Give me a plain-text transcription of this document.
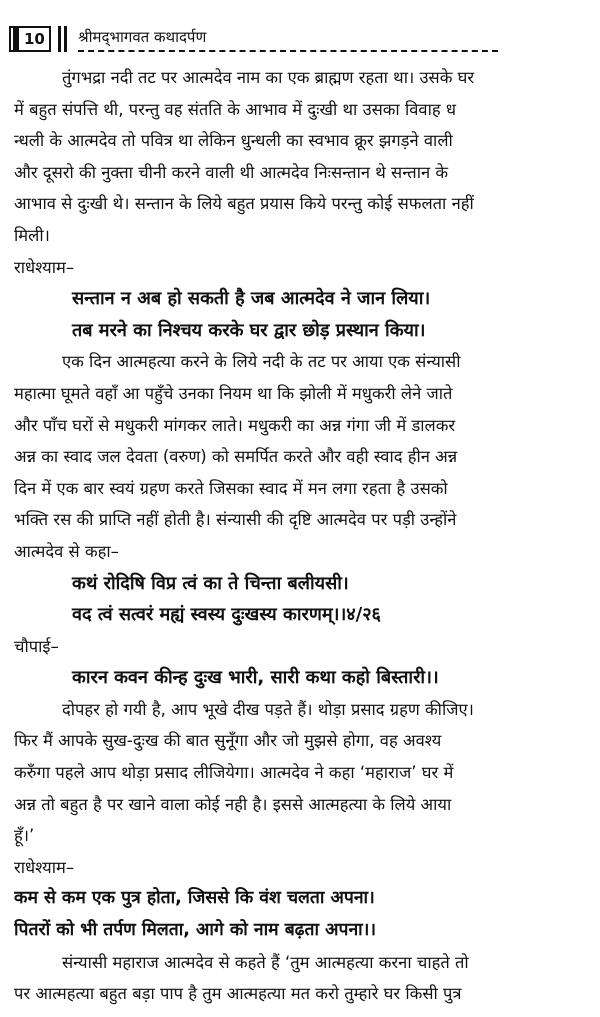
10 श्रीमद्‌भागवत कथादर्पण
तुंगभद्रा नदी तट पर आत्मदेव नाम का एक ब्राह्मण रहता था। उसके घर
में बहुत संपत्ति थी, परन्तु वह संतति के आभाव में दुःखी था उसका विवाह ध
न्धली के आत्मदेव तो पवित्र था लेकिन धुन्धली का स्वभाव क्रूर झगड़ने वाली
और दूसरो की नुक्ता चीनी करने वाली थी आत्मदेव निःसन्तान थे सन्तान के
आभाव से दुःखी थे। सन्तान के लिये बहुत प्रयास किये परन्तु कोई सफलता नहीं
मिली।
राधेश्याम–
सन्तान न अब हो सकती है जब आत्मदेव ने जान लिया।
तब मरने का निश्चय करके घर द्वार छोड़ प्रस्थान किया।
एक दिन आत्महत्या करने के लिये नदी के तट पर आया एक संन्यासी
महात्मा घूमते वहाँ आ पहुँचे उनका नियम था कि झोली में मधुकरी लेने जाते
और पाँच घरों से मधुकरी मांगकर लाते। मधुकरी का अन्न गंगा जी में डालकर
अन्न का स्वाद जल देवता (वरुण) को समर्पित करते और वही स्वाद हीन अन्न
दिन में एक बार स्वयं ग्रहण करते जिसका स्वाद में मन लगा रहता है उसको
भक्ति रस की प्राप्ति नहीं होती है। संन्यासी की दृष्टि आत्मदेव पर पड़ी उन्होंने
आत्मदेव से कहा–
कथं रोदिषि विप्र त्वं का ते चिन्ता बलीयसी।
वद त्वं सत्वरं मह्यं स्वस्य दुःखस्य कारणम्।।४/२६
चौपाई–
कारन कवन कीन्ह दुःख भारी, सारी कथा कहो बिस्तारी।।
दोपहर हो गयी है, आप भूखे दीख पड़ते हैं। थोड़ा प्रसाद ग्रहण कीजिए।
फिर मैं आपके सुख-दुःख की बात सुनूँगा और जो मुझसे होगा, वह अवश्य
करुँगा पहले आप थोड़ा प्रसाद लीजियेगा। आत्मदेव ने कहा ‘महाराज’ घर में
अन्न तो बहुत है पर खाने वाला कोई नही है। इससे आत्महत्या के लिये आया
हूँ।’
राधेश्याम–
कम से कम एक पुत्र होता, जिससे कि वंश चलता अपना।
पितरों को भी तर्पण मिलता, आगे को नाम बढ़ता अपना।।
संन्यासी महाराज आत्मदेव से कहते हैं ‘तुम आत्महत्या करना चाहते तो
पर आत्महत्या बहुत बड़ा पाप है तुम आत्महत्या मत करो तुम्हारे घर किसी पुत्र
